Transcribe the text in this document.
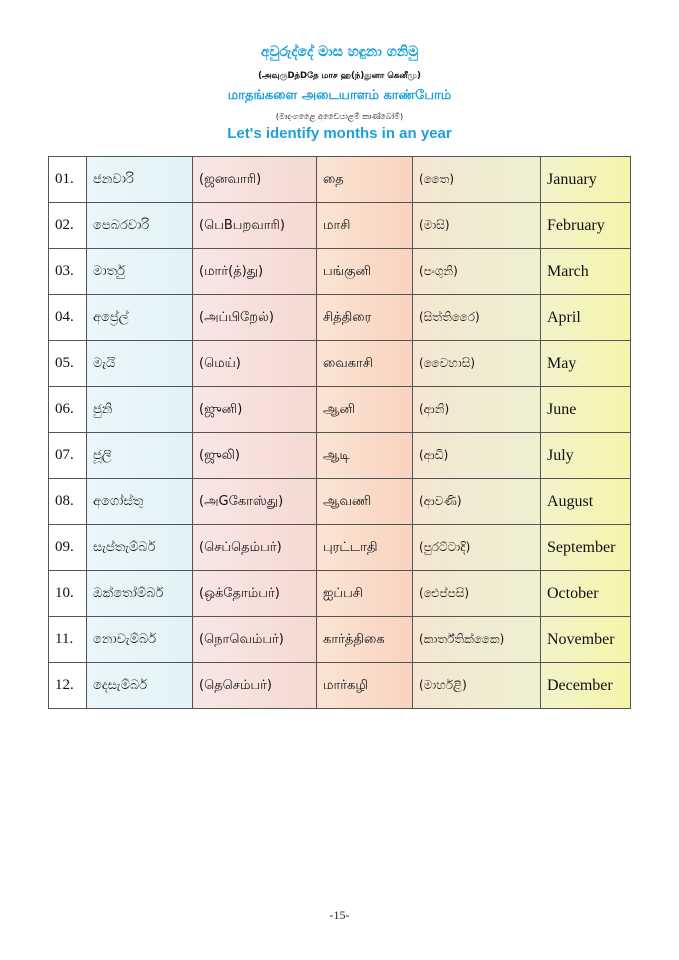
අවුරුද්දේ මාස හඳුනා ගනිමු
(அவுருDத்Dதே மாச ஹ(ந்)துனா கெனீமு)
மாதங்களை அடையாளம் காண்போம்
(මාදංගළෛ අඩෛයාළම් කාණ්බෝම්)
Let's identify months in an year
01.	ජනවාරි	(ஜனவாரி)	தை	(තෛ)	January
02.	පෙබරවාරි	(பெBபறவாரி)	மாசி	(මාසි)	February
03.	මාර්තු	(மார்(த்)து)	பங்குனி	(පංගුනි)	March
04.	අප්‍රේල්	(அப்பிறேல்)	சித்திரை	(සිත්තිරෛ)	April
05.	මැයි	(மெய்)	வைகாசி	(වෛහාසි)	May
06.	ජුනි	(ஜுனி)	ஆனி	(ආනි)	June
07.	ජූලි	(ஜுலி)	ஆடி	(ආඩි)	July
08.	අගෝස්තු	(அGகோஸ்து)	ஆவணி	(ආවණි)	August
09.	සැප්තැම්බර්	(செப்தெம்பர்)	புரட்டாதி	(පුරට්ටාදි)	September
10.	ඔක්තෝම්බර්	(ஒக்தோம்பர்)	ஐப்பசி	(ඓප්පසි)	October
11.	නොවැම්බර්	(நொவெம்பர்)	கார்த்திகை	(කාර්ත්තික්කෛ)	November
12.	දෙසැම්බර්	(தெசெம்பர்)	மார்கழி	(මාර්හළි)	December
-15-
